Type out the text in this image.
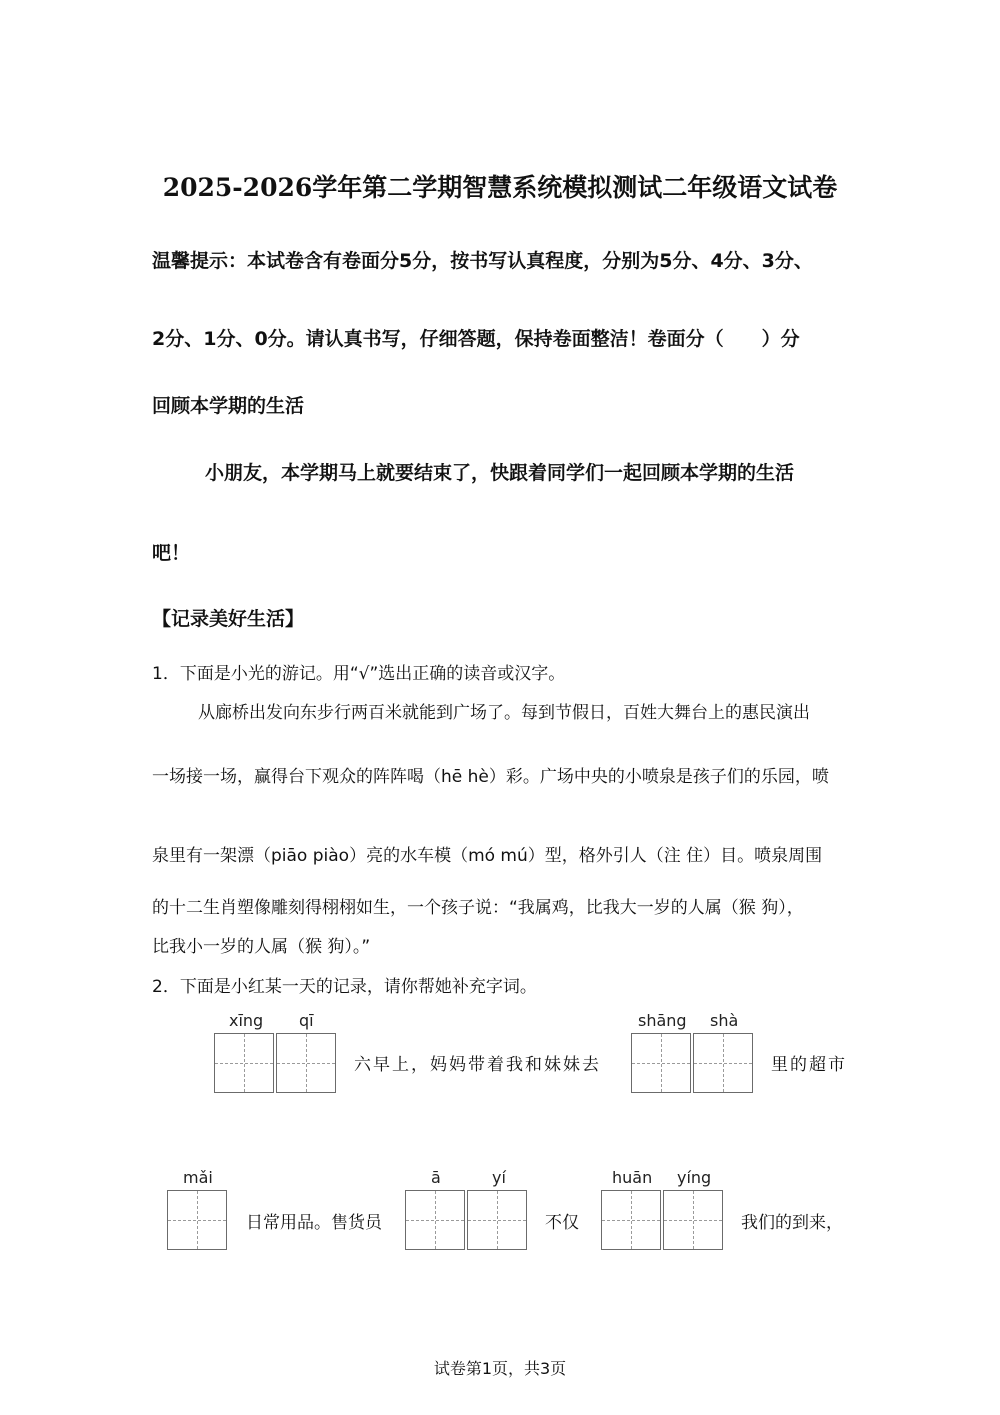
2025-2026学年第二学期智慧系统模拟测试二年级语文试卷
温馨提示：本试卷含有卷面分5分，按书写认真程度，分别为5分、4分、3分、
2分、1分、0分。请认真书写，仔细答题，保持卷面整洁！卷面分（　　）分
回顾本学期的生活
小朋友，本学期马上就要结束了，快跟着同学们一起回顾本学期的生活
吧！
【记录美好生活】
1．下面是小光的游记。用“√”选出正确的读音或汉字。
从廊桥出发向东步行两百米就能到广场了。每到节假日，百姓大舞台上的惠民演出
一场接一场，赢得台下观众的阵阵喝（hē hè）彩。广场中央的小喷泉是孩子们的乐园，喷
泉里有一架漂（piāo piào）亮的水车模（mó mú）型，格外引人（注 住）目。喷泉周围
的十二生肖塑像雕刻得栩栩如生，一个孩子说：“我属鸡，比我大一岁的人属（猴 狗），
比我小一岁的人属（猴 狗）。”
2．下面是小红某一天的记录，请你帮她补充字词。
xīng qī
六早上，妈妈带着我和妹妹去
shāng shà
里的超市
mǎi
日常用品。售货员
ā	yí
不仅
huān yíng
我们的到来，
试卷第1页，共3页
